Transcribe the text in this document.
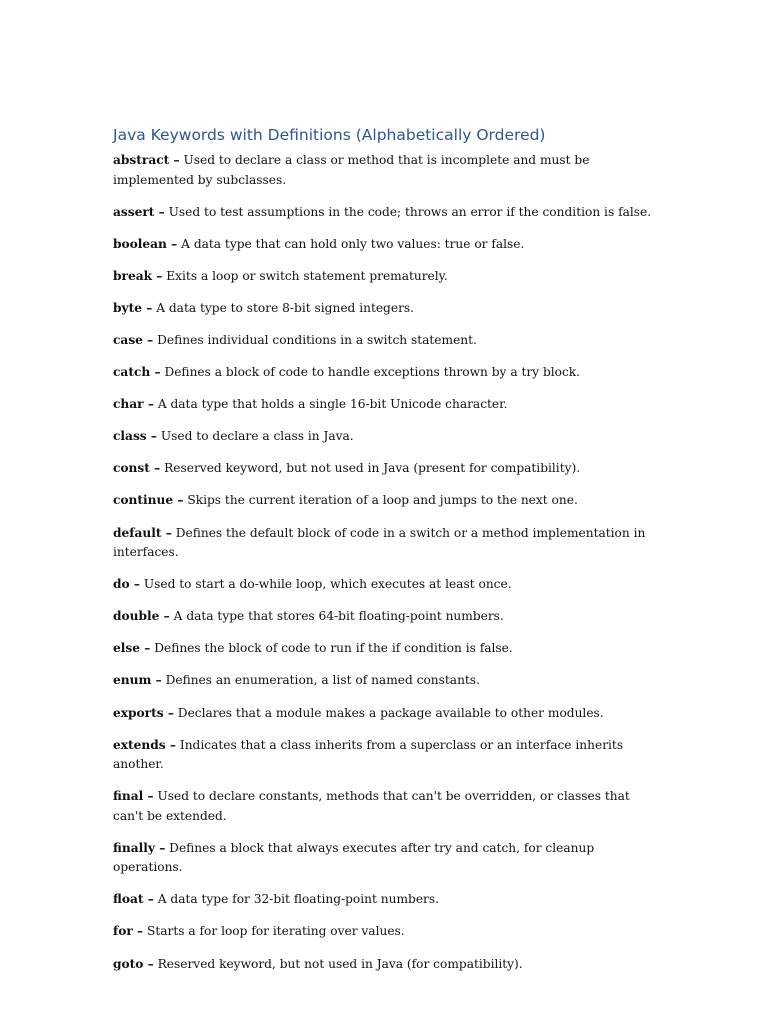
Java Keywords with Definitions (Alphabetically Ordered)

abstract – Used to declare a class or method that is incomplete and must be implemented by subclasses.

assert – Used to test assumptions in the code; throws an error if the condition is false.

boolean – A data type that can hold only two values: true or false.

break – Exits a loop or switch statement prematurely.

byte – A data type to store 8-bit signed integers.

case – Defines individual conditions in a switch statement.

catch – Defines a block of code to handle exceptions thrown by a try block.

char – A data type that holds a single 16-bit Unicode character.

class – Used to declare a class in Java.

const – Reserved keyword, but not used in Java (present for compatibility).

continue – Skips the current iteration of a loop and jumps to the next one.

default – Defines the default block of code in a switch or a method implementation in interfaces.

do – Used to start a do-while loop, which executes at least once.

double – A data type that stores 64-bit floating-point numbers.

else – Defines the block of code to run if the if condition is false.

enum – Defines an enumeration, a list of named constants.

exports – Declares that a module makes a package available to other modules.

extends – Indicates that a class inherits from a superclass or an interface inherits another.

final – Used to declare constants, methods that can't be overridden, or classes that can't be extended.

finally – Defines a block that always executes after try and catch, for cleanup operations.

float – A data type for 32-bit floating-point numbers.

for – Starts a for loop for iterating over values.

goto – Reserved keyword, but not used in Java (for compatibility).
